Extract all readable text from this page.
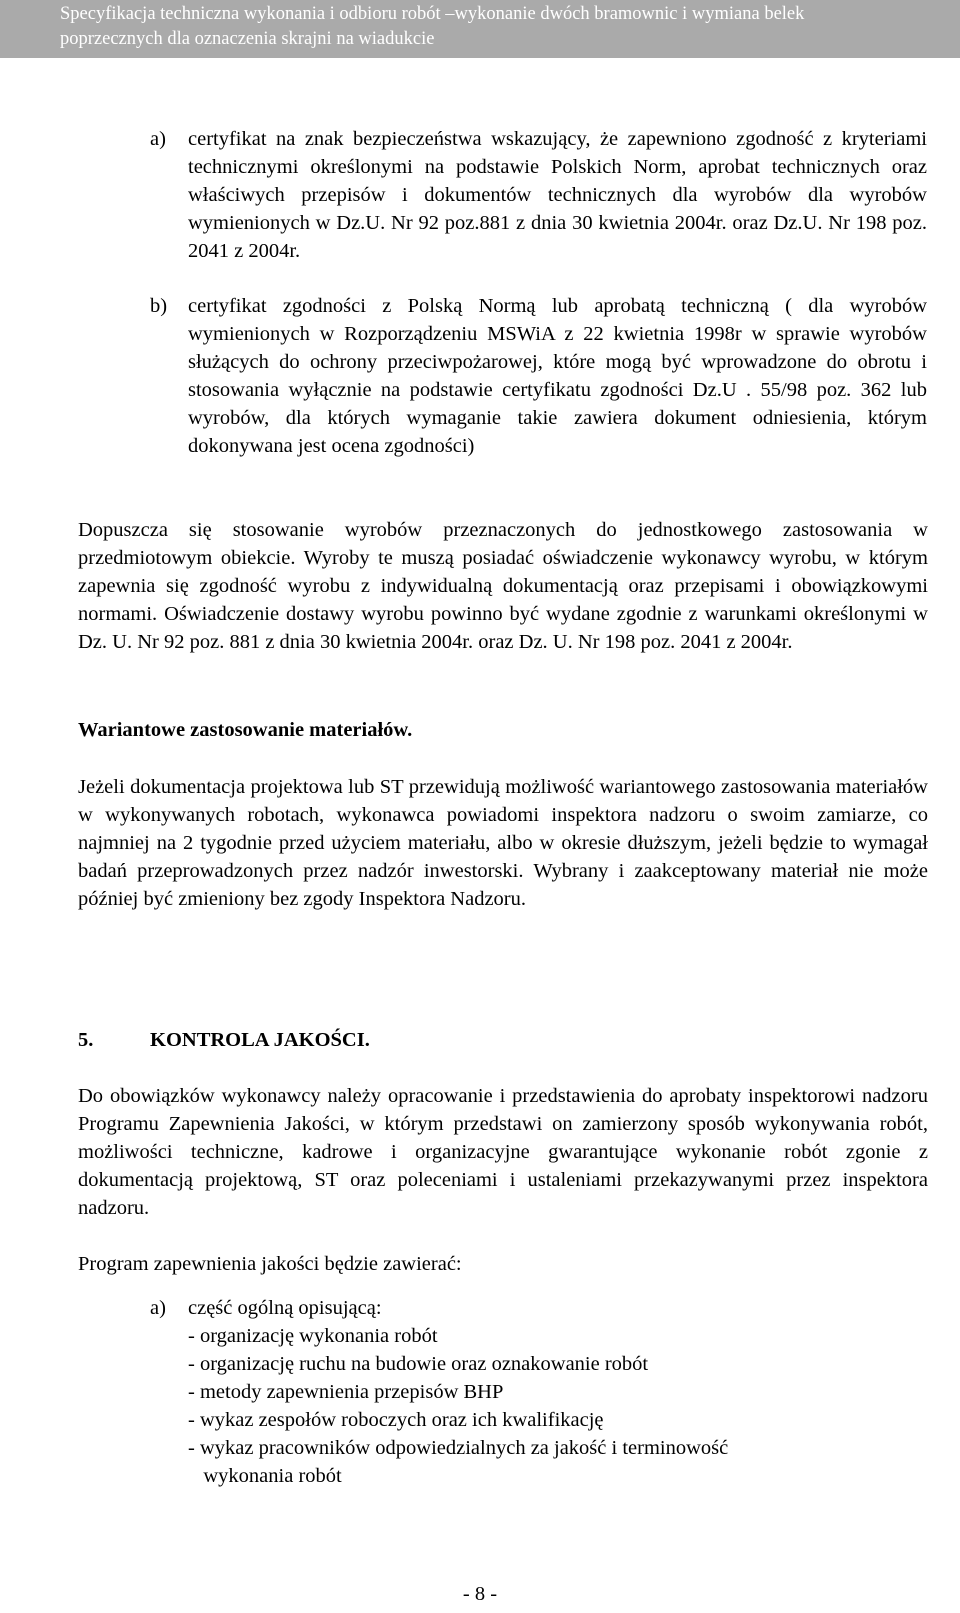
Specyfikacja techniczna wykonania i odbioru robót –wykonanie dwóch bramownic i wymiana belek
poprzecznych dla oznaczenia skrajni na wiadukcie
a)	certyfikat na znak bezpieczeństwa wskazujący, że zapewniono zgodność z kryteriami technicznymi określonymi na podstawie Polskich Norm, aprobat technicznych oraz właściwych przepisów i dokumentów technicznych dla wyrobów dla wyrobów wymienionych w Dz.U. Nr 92 poz.881 z dnia 30 kwietnia 2004r. oraz Dz.U. Nr 198 poz. 2041 z 2004r.
b)	certyfikat zgodności z Polską Normą lub aprobatą techniczną ( dla wyrobów wymienionych w Rozporządzeniu MSWiA z 22 kwietnia 1998r w sprawie wyrobów służących do ochrony przeciwpożarowej, które mogą być wprowadzone do obrotu i stosowania wyłącznie na podstawie certyfikatu zgodności Dz.U . 55/98 poz. 362 lub wyrobów, dla których wymaganie takie zawiera dokument odniesienia, którym dokonywana jest ocena zgodności)

Dopuszcza się stosowanie wyrobów przeznaczonych do jednostkowego zastosowania w przedmiotowym obiekcie. Wyroby te muszą posiadać oświadczenie wykonawcy wyrobu, w którym zapewnia się zgodność wyrobu z indywidualną dokumentacją oraz przepisami i obowiązkowymi normami. Oświadczenie dostawy wyrobu powinno być wydane zgodnie z warunkami określonymi w Dz. U. Nr 92 poz. 881 z dnia 30 kwietnia 2004r. oraz Dz. U. Nr 198 poz. 2041 z 2004r.

Wariantowe zastosowanie materiałów.

Jeżeli dokumentacja projektowa lub ST przewidują możliwość wariantowego zastosowania materiałów w wykonywanych robotach, wykonawca powiadomi inspektora nadzoru o swoim zamiarze, co najmniej na 2 tygodnie przed użyciem materiału, albo w okresie dłuższym, jeżeli będzie to wymagał badań przeprowadzonych przez nadzór inwestorski. Wybrany i zaakceptowany materiał nie może później być zmieniony bez zgody Inspektora Nadzoru.

5.	KONTROLA JAKOŚCI.

Do obowiązków wykonawcy należy opracowanie i przedstawienia do aprobaty inspektorowi nadzoru Programu Zapewnienia Jakości, w którym przedstawi on zamierzony sposób wykonywania robót, możliwości techniczne, kadrowe i organizacyjne gwarantujące wykonanie robót zgonie z dokumentacją projektową, ST oraz poleceniami i ustaleniami przekazywanymi przez inspektora nadzoru.

Program zapewnienia jakości będzie zawierać:
a)	część ogólną opisującą:
- organizację wykonania robót
- organizację ruchu na budowie oraz oznakowanie robót
- metody zapewnienia przepisów BHP
- wykaz zespołów roboczych oraz ich kwalifikację
- wykaz pracowników odpowiedzialnych za jakość i terminowość
wykonania robót
- 8 -
